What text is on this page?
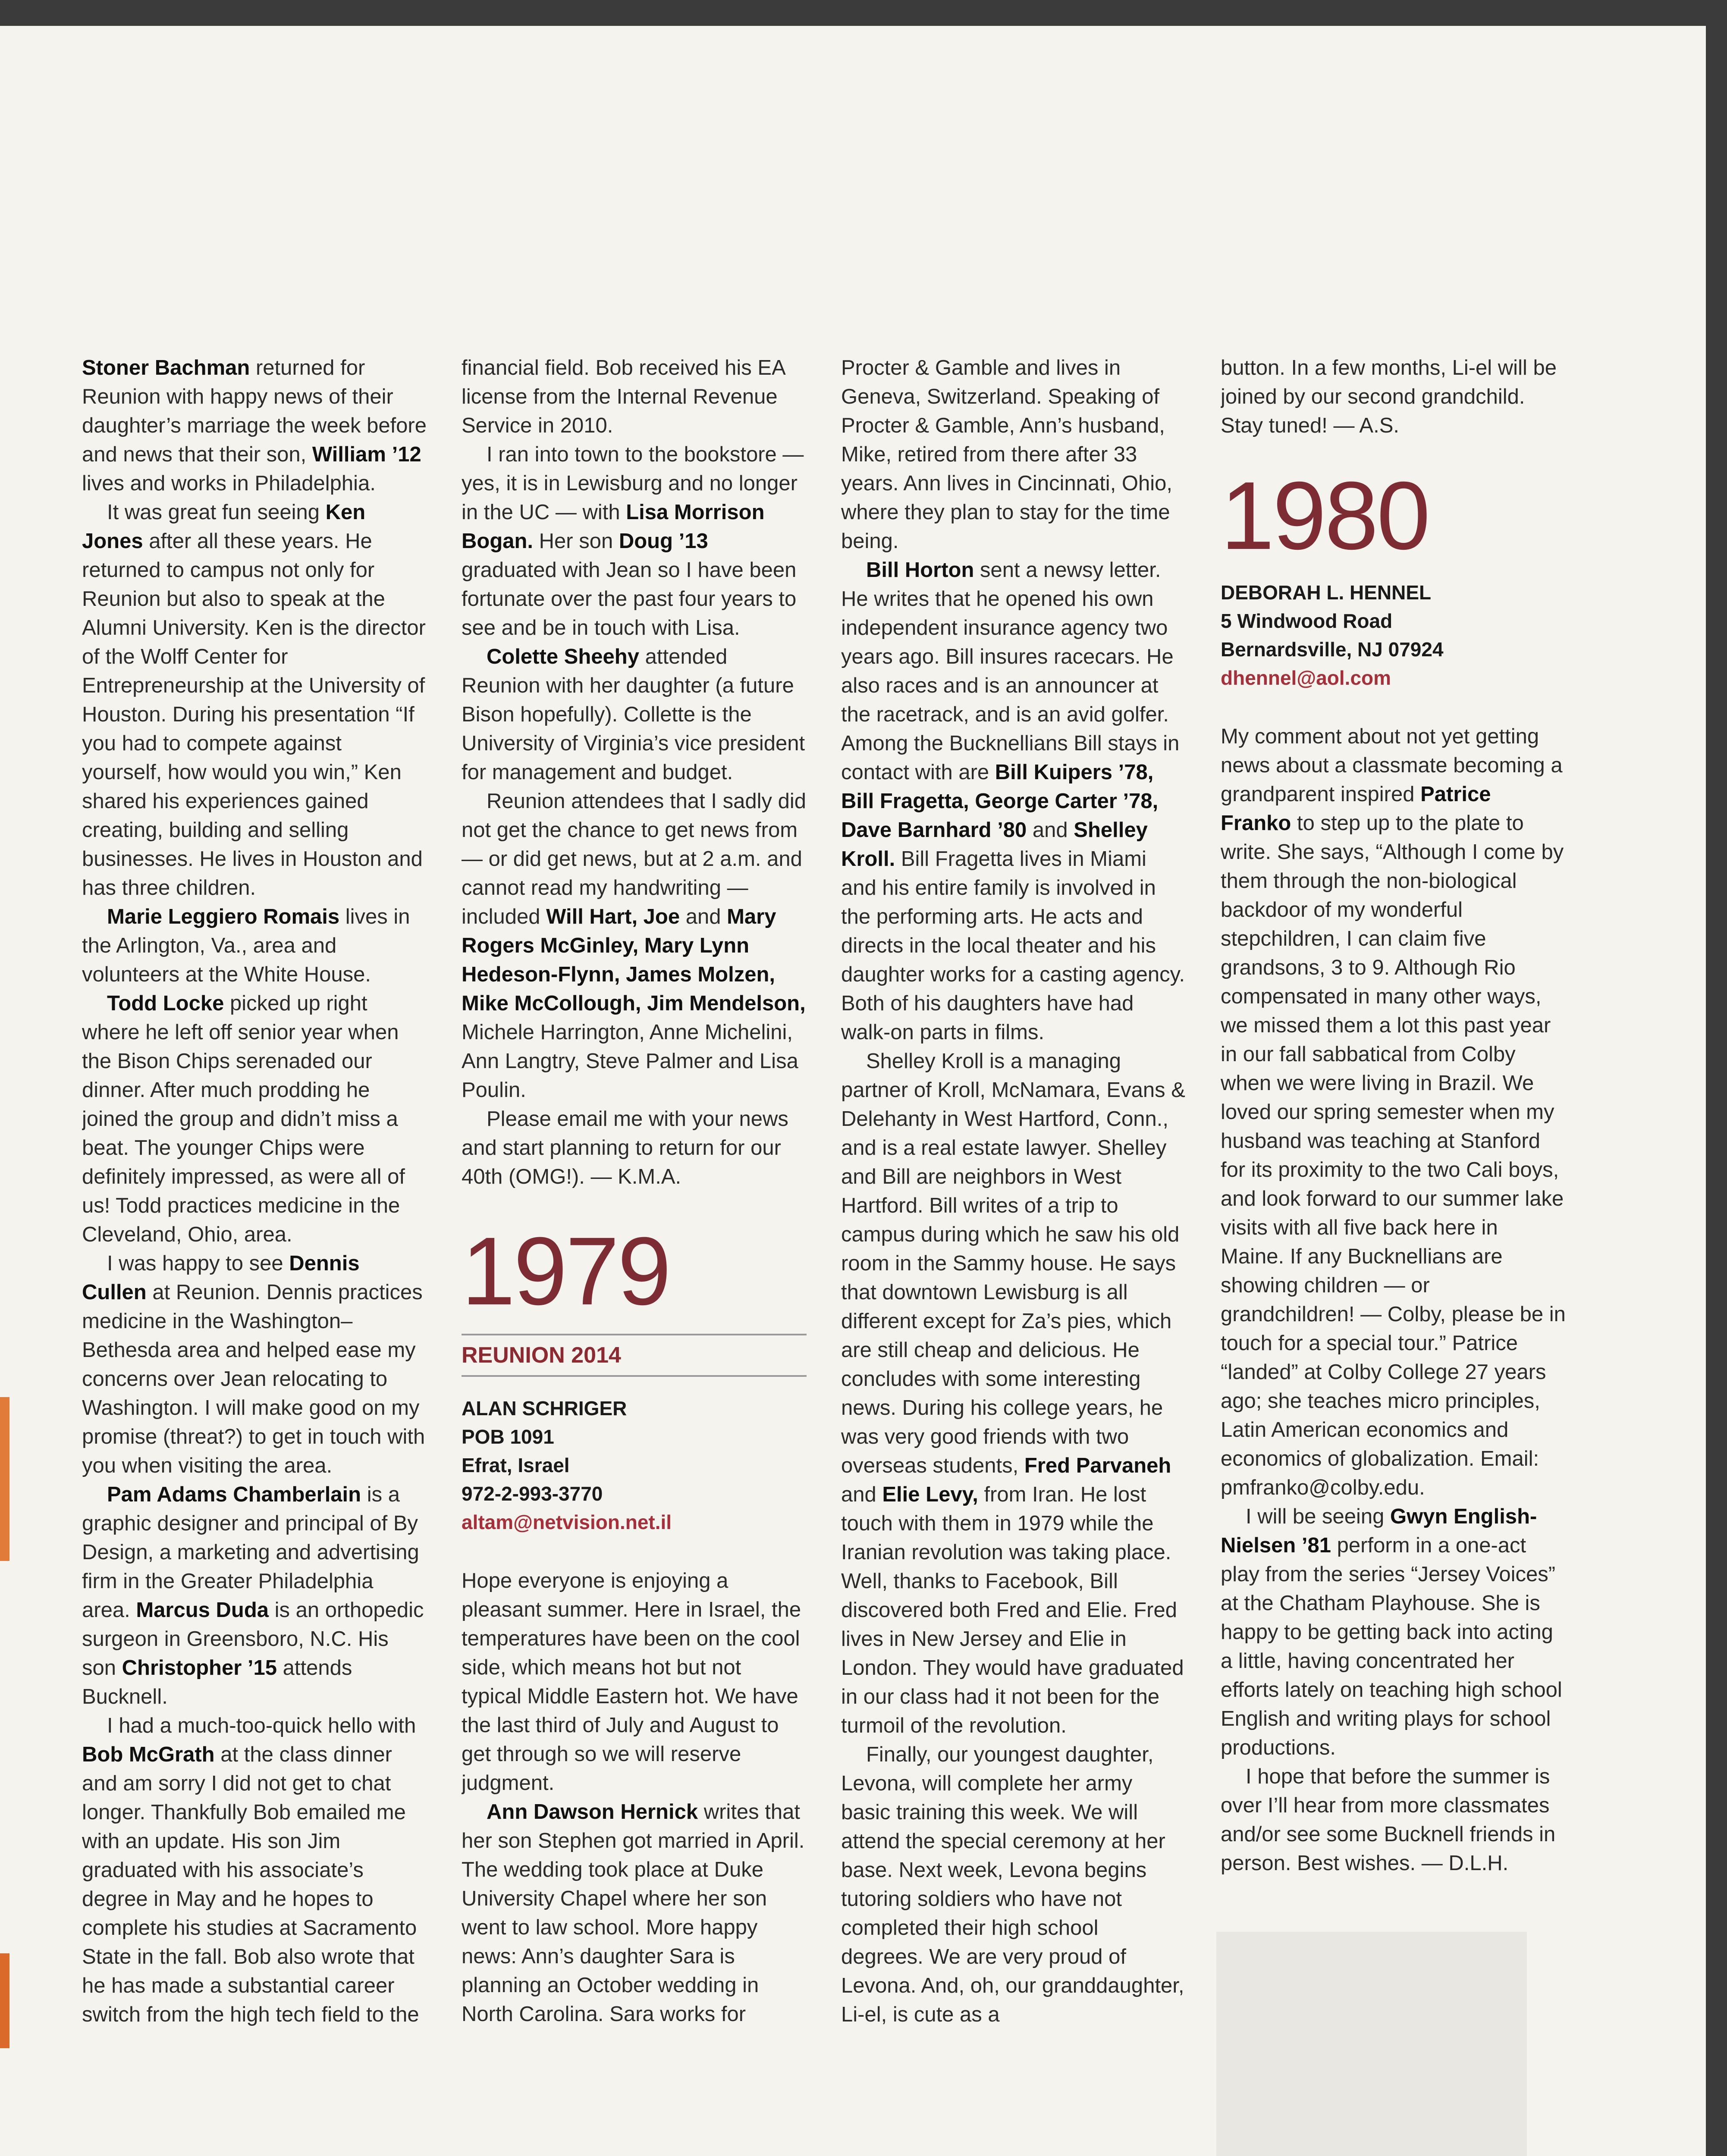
Stoner Bachman returned for Reunion with happy news of their daughter’s marriage the week before and news that their son, William ’12 lives and works in Philadelphia.

It was great fun seeing Ken Jones after all these years. He returned to campus not only for Reunion but also to speak at the Alumni University. Ken is the director of the Wolff Center for Entrepreneurship at the University of Houston. During his presentation “If you had to compete against yourself, how would you win,” Ken shared his experiences gained creating, building and selling businesses. He lives in Houston and has three children.

Marie Leggiero Romais lives in the Arlington, Va., area and volunteers at the White House.

Todd Locke picked up right where he left off senior year when the Bison Chips serenaded our dinner. After much prodding he joined the group and didn’t miss a beat. The younger Chips were definitely impressed, as were all of us! Todd practices medicine in the Cleveland, Ohio, area.

I was happy to see Dennis Cullen at Reunion. Dennis practices medicine in the Washington–Bethesda area and helped ease my concerns over Jean relocating to Washington. I will make good on my promise (threat?) to get in touch with you when visiting the area.

Pam Adams Chamberlain is a graphic designer and principal of By Design, a marketing and advertising firm in the Greater Philadelphia area. Marcus Duda is an orthopedic surgeon in Greensboro, N.C. His son Christopher ’15 attends Bucknell.

I had a much-too-quick hello with Bob McGrath at the class dinner and am sorry I did not get to chat longer. Thankfully Bob emailed me with an update. His son Jim graduated with his associate’s degree in May and he hopes to complete his studies at Sacramento State in the fall. Bob also wrote that he has made a substantial career switch from the high tech field to the

financial field. Bob received his EA license from the Internal Revenue Service in 2010.

I ran into town to the bookstore — yes, it is in Lewisburg and no longer in the UC — with Lisa Morrison Bogan. Her son Doug ’13 graduated with Jean so I have been fortunate over the past four years to see and be in touch with Lisa.

Colette Sheehy attended Reunion with her daughter (a future Bison hopefully). Collette is the University of Virginia’s vice president for management and budget.

Reunion attendees that I sadly did not get the chance to get news from — or did get news, but at 2 a.m. and cannot read my handwriting — included Will Hart, Joe and Mary Rogers McGinley, Mary Lynn Hedeson-Flynn, James Molzen, Mike McCollough, Jim Mendelson, Michele Harrington, Anne Michelini, Ann Langtry, Steve Palmer and Lisa Poulin.

Please email me with your news and start planning to return for our 40th (OMG!). — K.M.A.

1979
REUNION 2014
ALAN SCHRIGER
POB 1091
Efrat, Israel
972-2-993-3770
altam@netvision.net.il

Hope everyone is enjoying a pleasant summer. Here in Israel, the temperatures have been on the cool side, which means hot but not typical Middle Eastern hot. We have the last third of July and August to get through so we will reserve judgment.

Ann Dawson Hernick writes that her son Stephen got married in April. The wedding took place at Duke University Chapel where her son went to law school. More happy news: Ann’s daughter Sara is planning an October wedding in North Carolina. Sara works for

Procter & Gamble and lives in Geneva, Switzerland. Speaking of Procter & Gamble, Ann’s husband, Mike, retired from there after 33 years. Ann lives in Cincinnati, Ohio, where they plan to stay for the time being.

Bill Horton sent a newsy letter. He writes that he opened his own independent insurance agency two years ago. Bill insures racecars. He also races and is an announcer at the racetrack, and is an avid golfer. Among the Bucknellians Bill stays in contact with are Bill Kuipers ’78, Bill Fragetta, George Carter ’78, Dave Barnhard ’80 and Shelley Kroll. Bill Fragetta lives in Miami and his entire family is involved in the performing arts. He acts and directs in the local theater and his daughter works for a casting agency. Both of his daughters have had walk-on parts in films.

Shelley Kroll is a managing partner of Kroll, McNamara, Evans & Delehanty in West Hartford, Conn., and is a real estate lawyer. Shelley and Bill are neighbors in West Hartford. Bill writes of a trip to campus during which he saw his old room in the Sammy house. He says that downtown Lewisburg is all different except for Za’s pies, which are still cheap and delicious. He concludes with some interesting news. During his college years, he was very good friends with two overseas students, Fred Parvaneh and Elie Levy, from Iran. He lost touch with them in 1979 while the Iranian revolution was taking place. Well, thanks to Facebook, Bill discovered both Fred and Elie. Fred lives in New Jersey and Elie in London. They would have graduated in our class had it not been for the turmoil of the revolution.

Finally, our youngest daughter, Levona, will complete her army basic training this week. We will attend the special ceremony at her base. Next week, Levona begins tutoring soldiers who have not completed their high school degrees. We are very proud of Levona. And, oh, our granddaughter, Li-el, is cute as a

button. In a few months, Li-el will be joined by our second grandchild. Stay tuned! — A.S.

1980
DEBORAH L. HENNEL
5 Windwood Road
Bernardsville, NJ 07924
dhennel@aol.com

My comment about not yet getting news about a classmate becoming a grandparent inspired Patrice Franko to step up to the plate to write. She says, “Although I come by them through the non-biological backdoor of my wonderful stepchildren, I can claim five grandsons, 3 to 9. Although Rio compensated in many other ways, we missed them a lot this past year in our fall sabbatical from Colby when we were living in Brazil. We loved our spring semester when my husband was teaching at Stanford for its proximity to the two Cali boys, and look forward to our summer lake visits with all five back here in Maine. If any Bucknellians are showing children — or grandchildren! — Colby, please be in touch for a special tour.” Patrice “landed” at Colby College 27 years ago; she teaches micro principles, Latin American economics and economics of globalization. Email: pmfranko@colby.edu.

I will be seeing Gwyn English-Nielsen ’81 perform in a one-act play from the series “Jersey Voices” at the Chatham Playhouse. She is happy to be getting back into acting a little, having concentrated her efforts lately on teaching high school English and writing plays for school productions.

I hope that before the summer is over I’ll hear from more classmates and/or see some Bucknell friends in person. Best wishes. — D.L.H.
